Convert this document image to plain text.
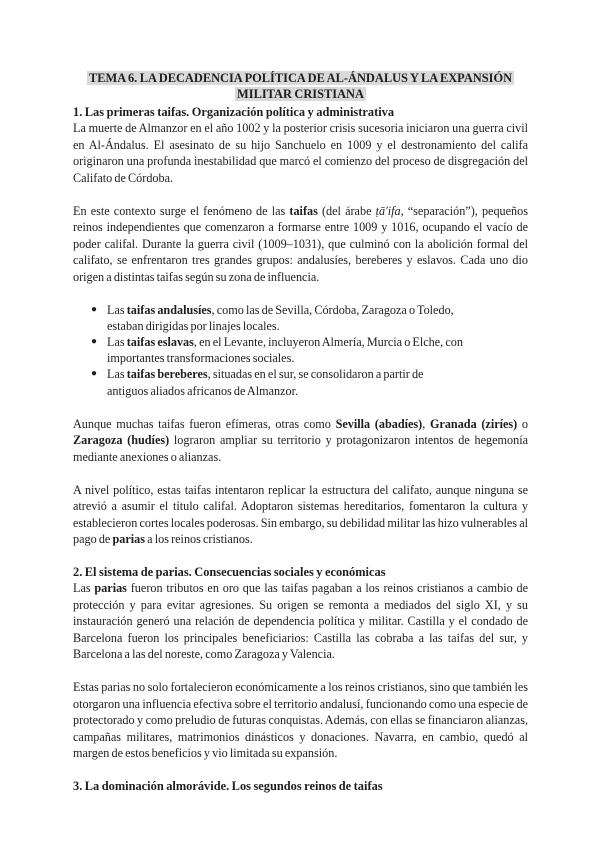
TEMA 6. LA DECADENCIA POLÍTICA DE AL-ÁNDALUS Y LA EXPANSIÓN
MILITAR CRISTIANA
1. Las primeras taifas. Organización política y administrativa

La muerte de Almanzor en el año 1002 y la posterior crisis sucesoria iniciaron una guerra civil en Al-Ándalus. El asesinato de su hijo Sanchuelo en 1009 y el destronamiento del califa originaron una profunda inestabilidad que marcó el comienzo del proceso de disgregación del Califato de Córdoba.

En este contexto surge el fenómeno de las taifas (del árabe ṭā'ifa, “separación”), pequeños reinos independientes que comenzaron a formarse entre 1009 y 1016, ocupando el vacío de poder califal. Durante la guerra civil (1009–1031), que culminó con la abolición formal del califato, se enfrentaron tres grandes grupos: andalusíes, bereberes y eslavos. Cada uno dio origen a distintas taifas según su zona de influencia.

● Las taifas andalusíes, como las de Sevilla, Córdoba, Zaragoza o Toledo, estaban dirigidas por linajes locales.
● Las taifas eslavas, en el Levante, incluyeron Almería, Murcia o Elche, con importantes transformaciones sociales.
● Las taifas bereberes, situadas en el sur, se consolidaron a partir de antiguos aliados africanos de Almanzor.

Aunque muchas taifas fueron efímeras, otras como Sevilla (abadíes), Granada (ziríes) o Zaragoza (hudíes) lograron ampliar su territorio y protagonizaron intentos de hegemonía mediante anexiones o alianzas.

A nivel político, estas taifas intentaron replicar la estructura del califato, aunque ninguna se atrevió a asumir el título califal. Adoptaron sistemas hereditarios, fomentaron la cultura y establecieron cortes locales poderosas. Sin embargo, su debilidad militar las hizo vulnerables al pago de parias a los reinos cristianos.

2. El sistema de parias. Consecuencias sociales y económicas

Las parias fueron tributos en oro que las taifas pagaban a los reinos cristianos a cambio de protección y para evitar agresiones. Su origen se remonta a mediados del siglo XI, y su instauración generó una relación de dependencia política y militar. Castilla y el condado de Barcelona fueron los principales beneficiarios: Castilla las cobraba a las taifas del sur, y Barcelona a las del noreste, como Zaragoza y Valencia.

Estas parias no solo fortalecieron económicamente a los reinos cristianos, sino que también les otorgaron una influencia efectiva sobre el territorio andalusí, funcionando como una especie de protectorado y como preludio de futuras conquistas. Además, con ellas se financiaron alianzas, campañas militares, matrimonios dinásticos y donaciones. Navarra, en cambio, quedó al margen de estos beneficios y vio limitada su expansión.

3. La dominación almorávide. Los segundos reinos de taifas
